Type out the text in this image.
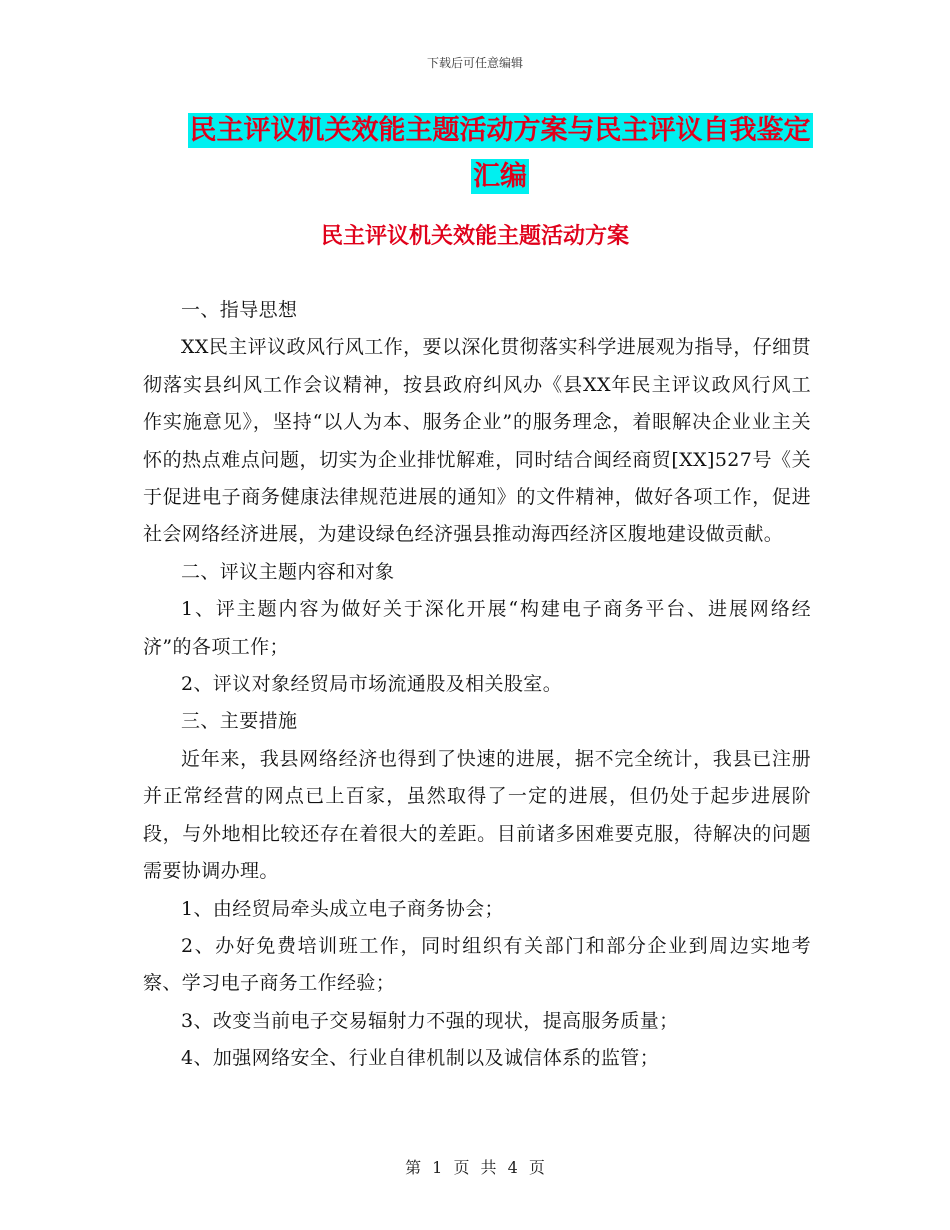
下载后可任意编辑
民主评议机关效能主题活动方案与民主评议自我鉴定汇编
民主评议机关效能主题活动方案

一、指导思想

XX民主评议政风行风工作，要以深化贯彻落实科学进展观为指导，仔细贯彻落实县纠风工作会议精神，按县政府纠风办《县XX年民主评议政风行风工作实施意见》，坚持“以人为本、服务企业”的服务理念，着眼解决企业业主关怀的热点难点问题，切实为企业排忧解难，同时结合闽经商贸[XX]527号《关于促进电子商务健康法律规范进展的通知》的文件精神，做好各项工作，促进社会网络经济进展，为建设绿色经济强县推动海西经济区腹地建设做贡献。

二、评议主题内容和对象

1、评主题内容为做好关于深化开展“构建电子商务平台、进展网络经济”的各项工作；

2、评议对象经贸局市场流通股及相关股室。

三、主要措施

近年来，我县网络经济也得到了快速的进展，据不完全统计，我县已注册并正常经营的网点已上百家，虽然取得了一定的进展，但仍处于起步进展阶段，与外地相比较还存在着很大的差距。目前诸多困难要克服，待解决的问题需要协调办理。

1、由经贸局牵头成立电子商务协会；

2、办好免费培训班工作，同时组织有关部门和部分企业到周边实地考察、学习电子商务工作经验；

3、改变当前电子交易辐射力不强的现状，提高服务质量；

4、加强网络安全、行业自律机制以及诚信体系的监管；

第 1 页 共 4 页
